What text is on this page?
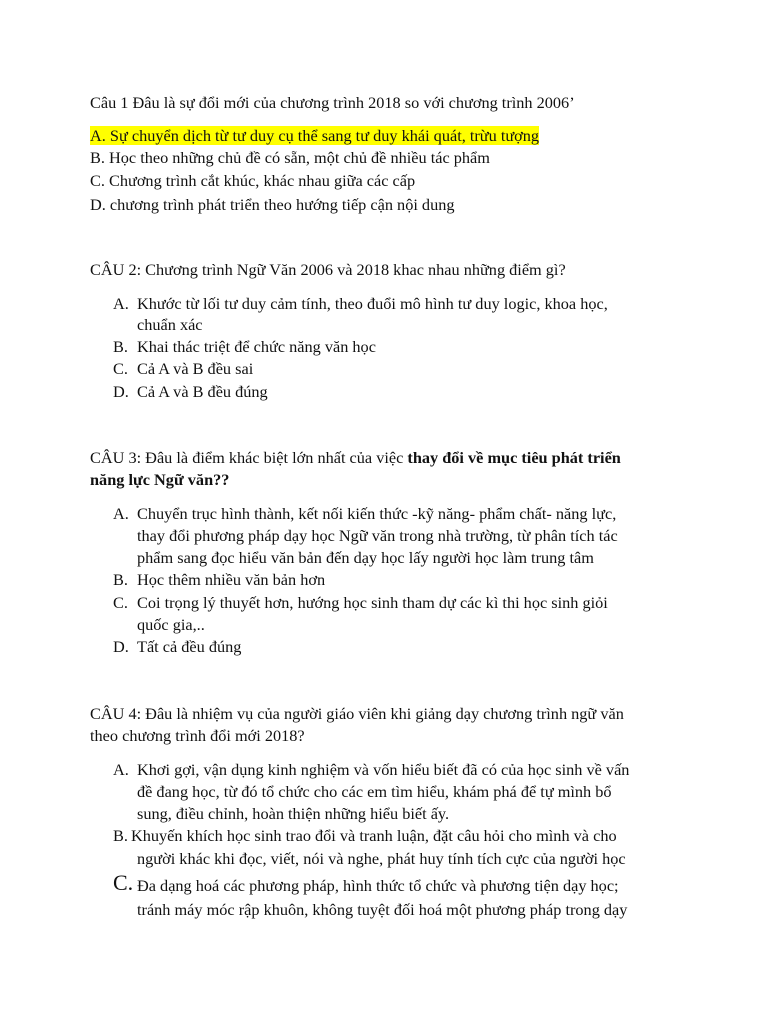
Câu 1 Đâu là sự đổi mới của chương trình 2018 so với chương trình 2006’
A. Sự chuyển dịch từ tư duy cụ thể sang tư duy khái quát, trừu tượng
B. Học theo những chủ đề có sẵn, một chủ đề nhiều tác phẩm
C. Chương trình cắt khúc, khác nhau giữa các cấp
D. chương trình phát triển theo hướng tiếp cận nội dung
CÂU 2: Chương trình Ngữ Văn 2006 và 2018 khac nhau những điểm gì?
A. Khước từ lối tư duy cảm tính, theo đuổi mô hình tư duy logic, khoa học,
chuẩn xác
B. Khai thác triệt để chức năng văn học
C. Cả A và B đều sai
D. Cả A và B đều đúng
CÂU 3: Đâu là điểm khác biệt lớn nhất của việc thay đổi về mục tiêu phát triển
năng lực Ngữ văn??
A. Chuyển trục hình thành, kết nối kiến thức -kỹ năng- phẩm chất- năng lực,
thay đổi phương pháp dạy học Ngữ văn trong nhà trường, từ phân tích tác
phẩm sang đọc hiểu văn bản đến dạy học lấy người học làm trung tâm
B. Học thêm nhiều văn bản hơn
C. Coi trọng lý thuyết hơn, hướng học sinh tham dự các kì thi học sinh giỏi
quốc gia,..
D. Tất cả đều đúng
CÂU 4: Đâu là nhiệm vụ của người giáo viên khi giảng dạy chương trình ngữ văn
theo chương trình đổi mới 2018?
A. Khơi gợi, vận dụng kinh nghiệm và vốn hiểu biết đã có của học sinh về vấn
đề đang học, từ đó tổ chức cho các em tìm hiểu, khám phá để tự mình bổ
sung, điều chỉnh, hoàn thiện những hiểu biết ấy.
B. Khuyến khích học sinh trao đổi và tranh luận, đặt câu hỏi cho mình và cho
người khác khi đọc, viết, nói và nghe, phát huy tính tích cực của người học
C. Đa dạng hoá các phương pháp, hình thức tổ chức và phương tiện dạy học;
tránh máy móc rập khuôn, không tuyệt đối hoá một phương pháp trong dạy
